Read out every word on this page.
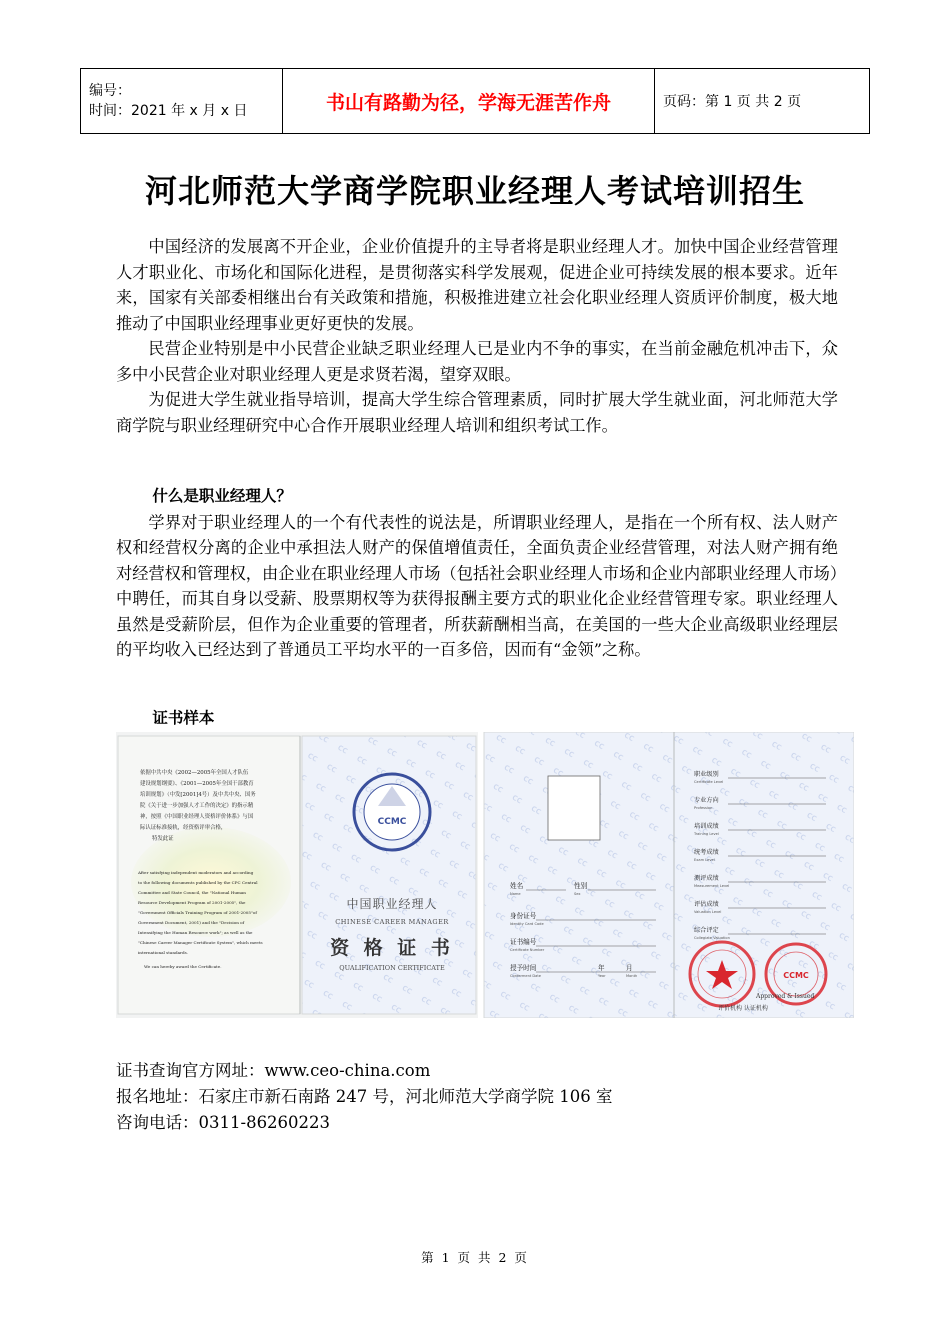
编号：
时间：2021 年 x 月 x 日	书山有路勤为径，学海无涯苦作舟	页码：第 1 页 共 2 页
河北师范大学商学院职业经理人考试培训招生

中国经济的发展离不开企业，企业价值提升的主导者将是职业经理人才。加快中国企业经营管理人才职业化、市场化和国际化进程，是贯彻落实科学发展观，促进企业可持续发展的根本要求。近年来，国家有关部委相继出台有关政策和措施，积极推进建立社会化职业经理人资质评价制度，极大地推动了中国职业经理事业更好更快的发展。

民营企业特别是中小民营企业缺乏职业经理人已是业内不争的事实，在当前金融危机冲击下，众多中小民营企业对职业经理人更是求贤若渴，望穿双眼。

为促进大学生就业指导培训，提高大学生综合管理素质，同时扩展大学生就业面，河北师范大学商学院与职业经理研究中心合作开展职业经理人培训和组织考试工作。

什么是职业经理人？

学界对于职业经理人的一个有代表性的说法是，所谓职业经理人，是指在一个所有权、法人财产权和经营权分离的企业中承担法人财产的保值增值责任，全面负责企业经营管理，对法人财产拥有绝对经营权和管理权，由企业在职业经理人市场（包括社会职业经理人市场和企业内部职业经理人市场）中聘任，而其自身以受薪、股票期权等为获得报酬主要方式的职业化企业经营管理专家。职业经理人虽然是受薪阶层，但作为企业重要的管理者，所获薪酬相当高，在美国的一些大企业高级职业经理层的平均收入已经达到了普通员工平均水平的一百多倍，因而有“金领”之称。

证书样本

依据中共中央《2002—2005年全国人才队伍
建设规划纲要》、《2001—2005年全国干部教育
培训规划》（中发[2001]4号）及中共中央、国务
院《关于进一步加强人才工作的决定》的指示精
神，按照《中国职业经理人资格评价体系》与国
际认证标准接轨，经资格评审合格，
特发此证
After satisfying independent moderators and according
to the following documents published by the CPC Central
Committee and State Council, the "National Human
Resource Development Program of 2001-2005", the
"Government Officials Training Program of 2001-2005"of
Government Document, 2001) and the "Decision of
Intensifying the Human Resource work"; as well as the
"Chinese Career Manager Certificate System", which meets
international standards.
We can hereby award the Certificate.
CCMC
中国职业经理人
CHINESE CAREER MANAGER
资 格 证 书
QUALIFICATION CERTIFICATE
姓名	性别
身份证号
证书编号
授予时间	年	月
Name	Sex
Identity Card Code
Certificate Number
Conferment Date	Year	Month
职业级别
专业方向
培训成绩
统考成绩
测评成绩
评估成绩
综合评定
Certificate Level
Profession
Training Level
Exam Level
Measurement Level
Valuation Level
Collegiate Valuation
CCMC
Approved & Issued
评价机构 认证机构
证书查询官方网址：www.ceo-china.com
报名地址：石家庄市新石南路 247 号，河北师范大学商学院 106 室
咨询电话：0311-86260223
第 1 页 共 2 页
